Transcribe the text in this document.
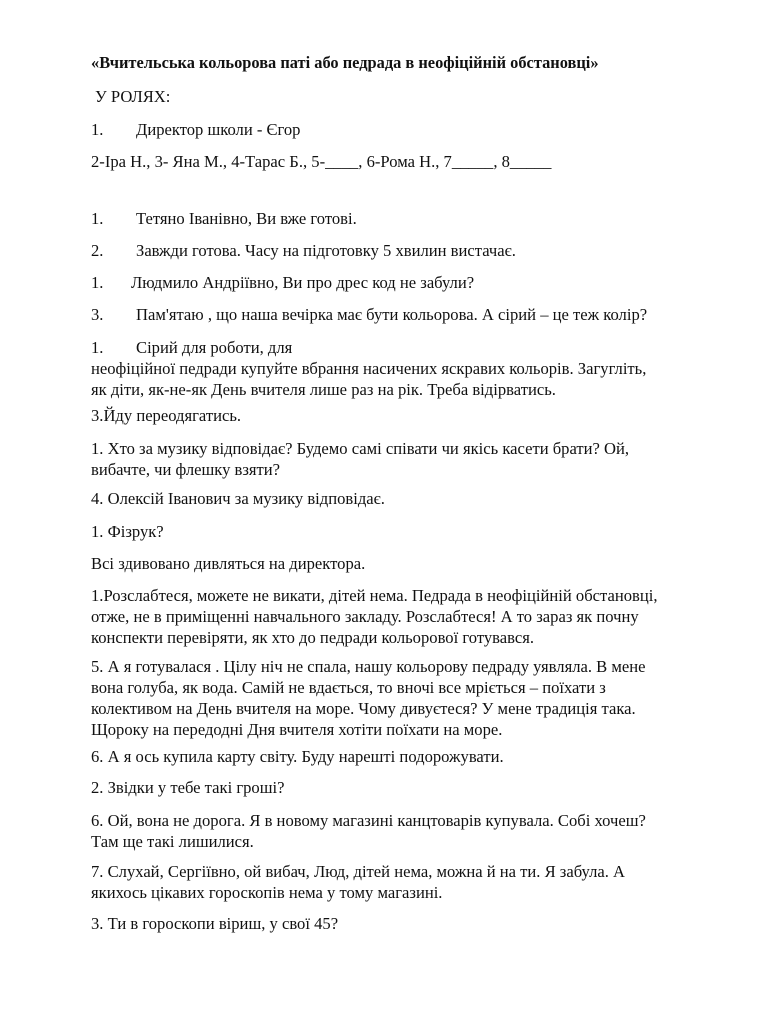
«Вчительська кольорова паті або педрада в неофіційній обстановці»

У РОЛЯХ:

1. Директор школи - Єгор

2-Іра Н., 3- Яна М., 4-Тарас Б., 5-____, 6-Рома Н., 7_____, 8_____

1. Тетяно Іванівно, Ви вже готові.

2. Завжди готова. Часу на підготовку 5 хвилин вистачає.

1. Людмило Андріївно, Ви про дрес код не забули?

3. Пам'ятаю , що наша вечірка має бути кольорова. А сірий – це теж колір?

1. Сірий для роботи, для
неофіційної педради купуйте вбрання насичених яскравих кольорів. Загугліть,
як діти, як-не-як День вчителя лише раз на рік. Треба відірватись.

3.Йду переодягатись.

1. Хто за музику відповідає? Будемо самі співати чи якісь касети брати? Ой,
вибачте, чи флешку взяти?

4. Олексій Іванович за музику відповідає.

1. Фізрук?

Всі здивовано дивляться на директора.

1.Розслабтеся, можете не викати, дітей нема. Педрада в неофіційній обстановці,
отже, не в приміщенні навчального закладу. Розслабтеся! А то зараз як почну
конспекти перевіряти, як хто до педради кольорової готувався.

5. А я готувалася . Цілу ніч не спала, нашу кольорову педраду уявляла. В мене
вона голуба, як вода. Самій не вдається, то вночі все мріється – поїхати з
колективом на День вчителя на море. Чому дивуєтеся? У мене традиція така.
Щороку на передодні Дня вчителя хотіти поїхати на море.

6. А я ось купила карту світу. Буду нарешті подорожувати.

2. Звідки у тебе такі гроші?

6. Ой, вона не дорога. Я в новому магазині канцтоварів купувала. Собі хочеш?
Там ще такі лишилися.

7. Слухай, Сергіївно, ой вибач, Люд, дітей нема, можна й на ти. Я забула. А
якихось цікавих гороскопів нема у тому магазині.

3. Ти в гороскопи віриш, у свої 45?
